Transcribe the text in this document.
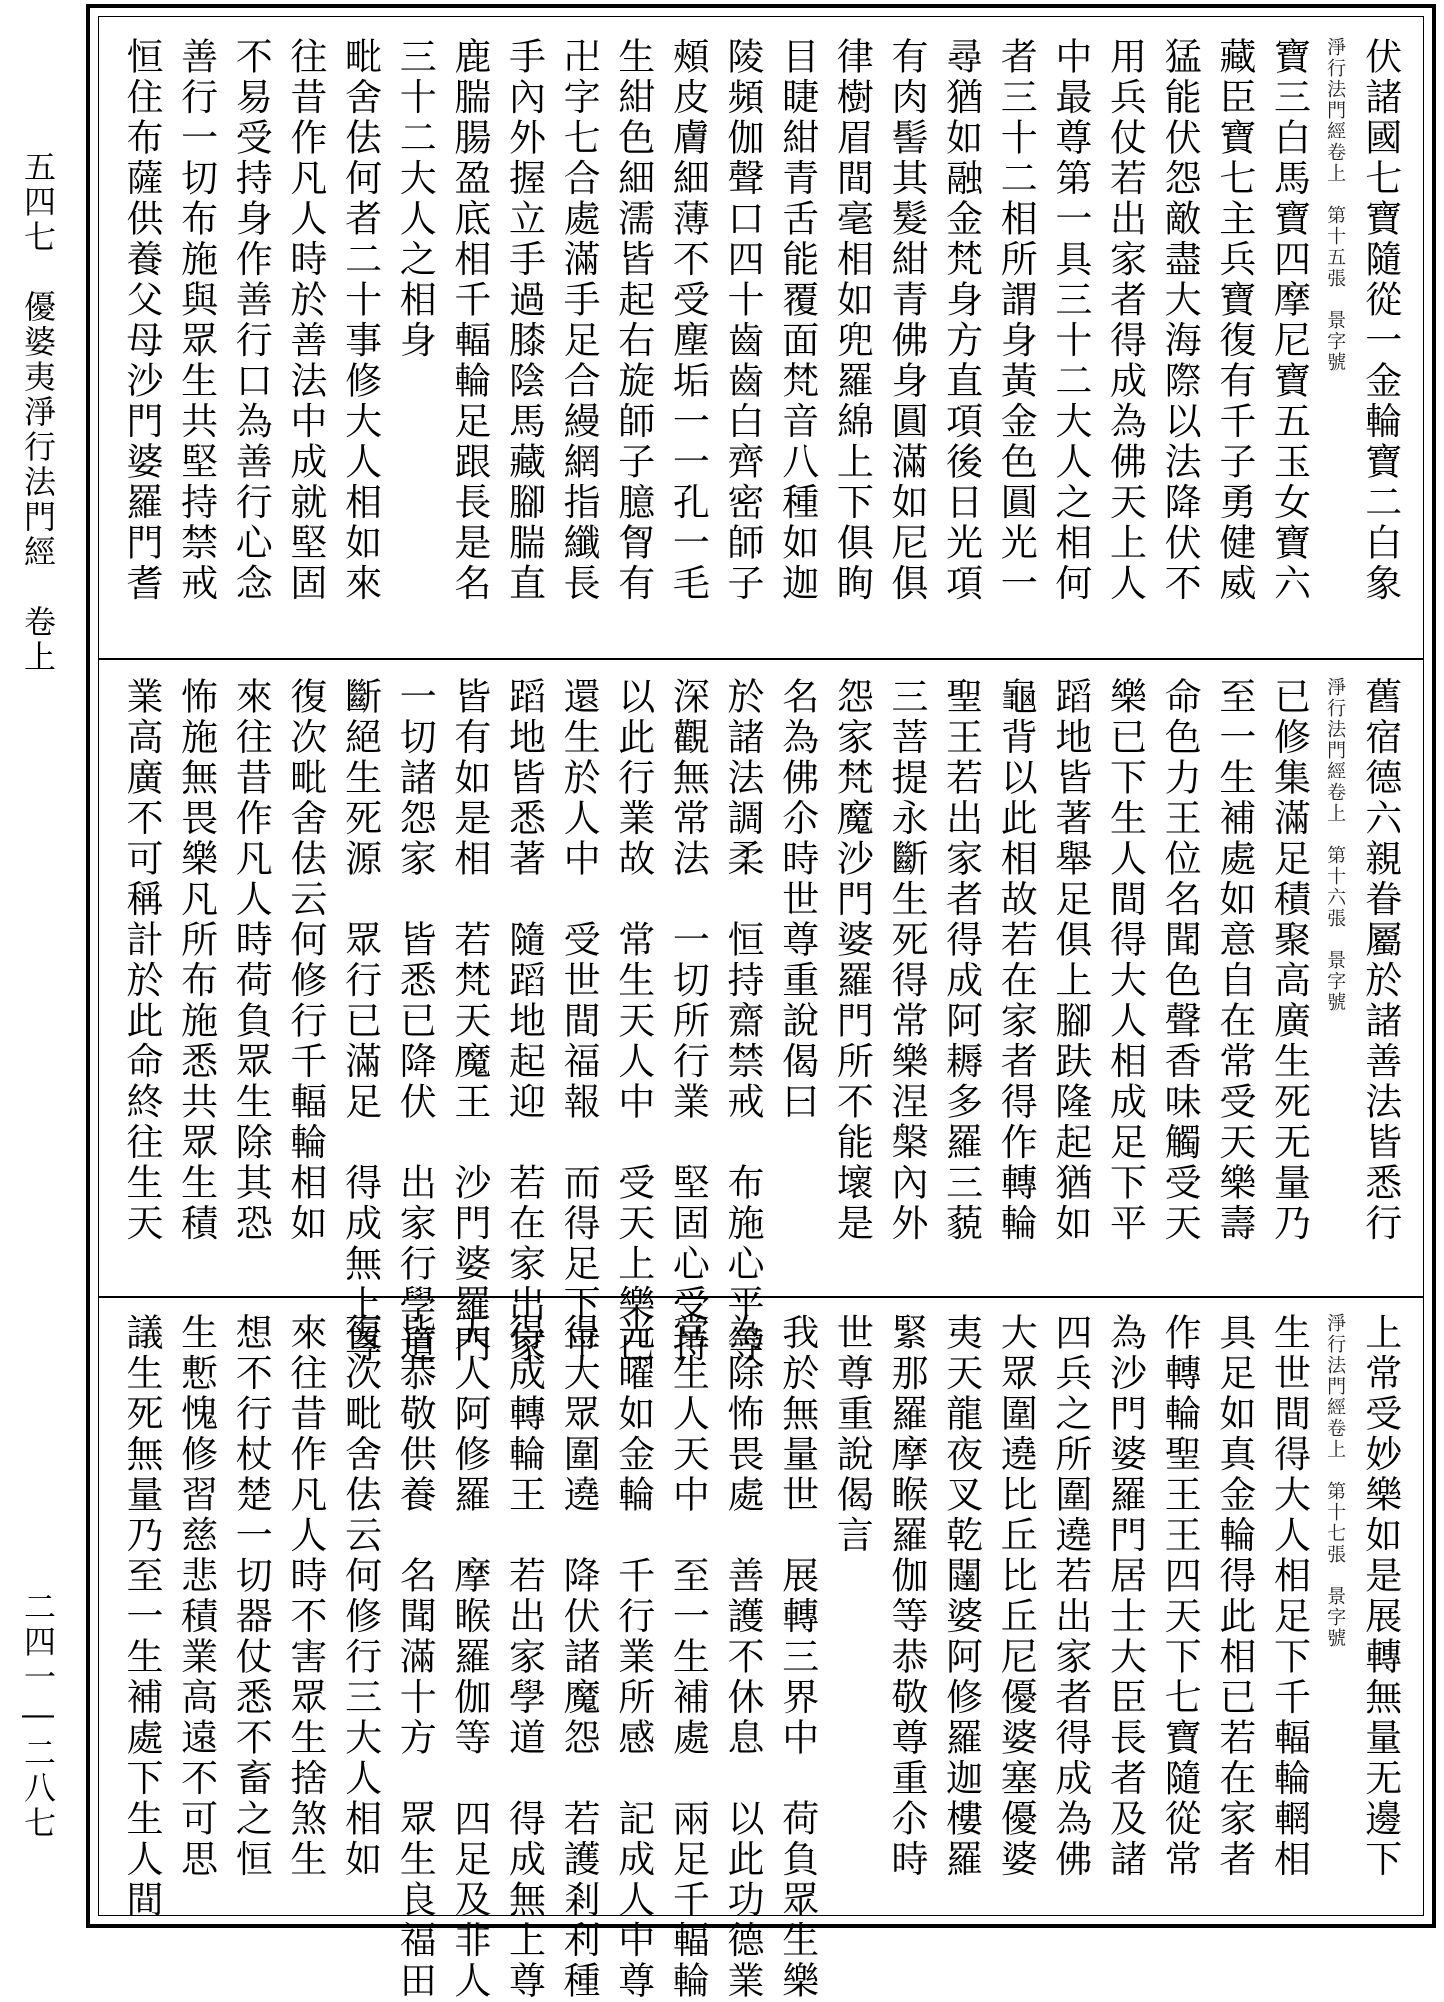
五四七　優婆夷淨行法門經　卷上
二四一―二八七
伏諸國七寶隨從一金輪寶二白象
淨行法門經卷上　第十五張　景字號
寶三白馬寶四摩尼寶五玉女寶六
藏臣寶七主兵寶復有千子勇健威
猛能伏怨敵盡大海際以法降伏不
用兵仗若出家者得成為佛天上人
中最尊第一具三十二大人之相何
者三十二相所謂身黃金色圓光一
尋猶如融金梵身方直項後日光項
有肉髻其髮紺青佛身圓滿如尼俱
律樹眉間毫相如兜羅綿上下俱眴
目睫紺青舌能覆面梵音八種如迦
陵頻伽聲口四十齒齒白齊密師子
頰皮膚細薄不受塵垢一一孔一毛
生紺色細濡皆起右旋師子臆胷有
卍字七合處滿手足合縵網指纖長
手內外握立手過膝陰馬藏腳腨直
鹿腨腸盈底相千輻輪足跟長是名
三十二大人之相身
毗舍佉何者二十事修大人相如來
往昔作凡人時於善法中成就堅固
不易受持身作善行口為善行心念
善行一切布施與眾生共堅持禁戒
恒住布薩供養父母沙門婆羅門耆
舊宿德六親眷屬於諸善法皆悉行
淨行法門經卷上　第十六張　景字號
已修集滿足積聚高廣生死无量乃
至一生補處如意自在常受天樂壽
命色力王位名聞色聲香味觸受天
樂已下生人間得大人相成足下平
蹈地皆著舉足俱上腳趺隆起猶如
龜背以此相故若在家者得作轉輪
聖王若出家者得成阿耨多羅三藐
三菩提永斷生死得常樂涅槃內外
怨家梵魔沙門婆羅門所不能壞是
名為佛尒時世尊重說偈曰
於諸法調柔　恒持齋禁戒　布施心平等
深觀無常法　一切所行業　堅固心受持
以此行業故　常生天人中　受天上樂已
還生於人中　受世間福報　而得足下平
蹈地皆悉著　隨蹈地起迎　若在家出家
皆有如是相　若梵天魔王　沙門婆羅門
一切諸怨家　皆悉已降伏　出家行學道
斷絕生死源　眾行已滿足　得成無上尊
復次毗舍佉云何修行千輻輪相如
來往昔作凡人時荷負眾生除其恐
怖施無畏樂凡所布施悉共眾生積
業高廣不可稱計於此命終往生天
上常受妙樂如是展轉無量无邊下
淨行法門經卷上　第十七張　景字號
生世間得大人相足下千輻輪輞相
具足如真金輪得此相已若在家者
作轉輪聖王王四天下七寶隨從常
為沙門婆羅門居士大臣長者及諸
四兵之所圍遶若出家者得成為佛
大眾圍遶比丘比丘尼優婆塞優婆
夷天龍夜叉乾闥婆阿修羅迦樓羅
緊那羅摩睺羅伽等恭敬尊重尒時
世尊重說偈言
我於無量世　展轉三界中　荷負眾生樂
為除怖畏處　善護不休息　以此功德業
常生人天中　至一生補處　兩足千輻輪
光曜如金輪　千行業所感　記成人中尊
得大眾圍遶　降伏諸魔怨　若護剎利種
得成轉輪王　若出家學道　得成無上尊
天人阿修羅　摩睺羅伽等　四足及非人
皆恭敬供養　名聞滿十方　眾生良福田
復次毗舍佉云何修行三大人相如
來往昔作凡人時不害眾生捨煞生
想不行杖楚一切器仗悉不畜之恒
生慙愧修習慈悲積業高遠不可思
議生死無量乃至一生補處下生人間
